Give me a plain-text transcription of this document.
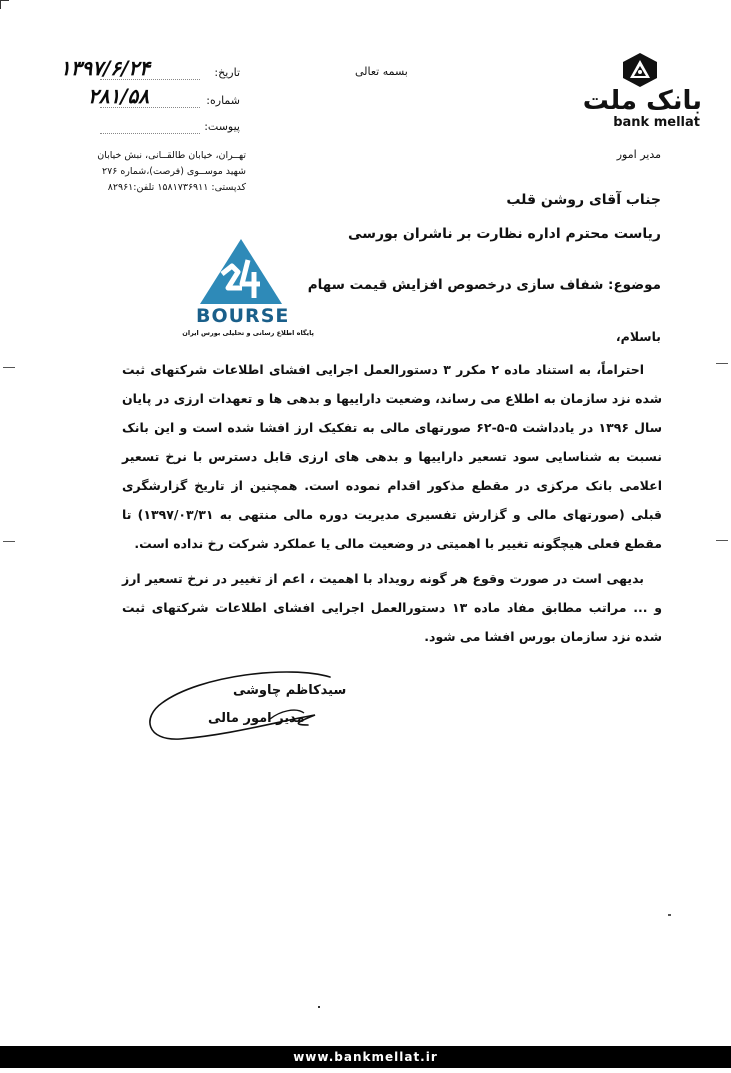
بانک ملت
bank mellat
مدیر امور
بسمه تعالی
تاریخ:
۱۳۹۷/۶/۲۴
شماره:
۲۸۱/۵۸
پیوست:
تهــران، خیابان طالقــانی، نبش خیابان
شهید موســوی (فرصت)،شماره ۲۷۶
کدپستی: ۱۵۸۱۷۳۶۹۱۱ تلفن:۸۲۹۶۱
جناب آقای روشن قلب
ریاست محترم اداره نظارت بر ناشران بورسی
موضوع: شفاف سازی درخصوص افزایش قیمت سهام
BOURSE
پایگاه اطلاع رسانی و تحلیلی بورس ایران	باسلام،

احتراماً، به استناد ماده ۲ مکرر ۳ دستورالعمل اجرایی افشای اطلاعات شرکتهای ثبت شده نزد سازمان به اطلاع می رساند، وضعیت داراییها و بدهی ها و تعهدات ارزی در پایان سال ۱۳۹۶ در یادداشت ۵-۵-۶۲ صورتهای مالی به تفکیک ارز افشا شده است و این بانک نسبت به شناسایی سود تسعیر داراییها و بدهی های ارزی قابل دسترس با نرخ تسعیر اعلامی بانک مرکزی در مقطع مذکور اقدام نموده است. همچنین از تاریخ گزارشگری قبلی (صورتهای مالی و گزارش تفسیری مدیریت دوره مالی منتهی به ۱۳۹۷/۰۳/۳۱) تا مقطع فعلی هیچگونه تغییر با اهمیتی در وضعیت مالی یا عملکرد شرکت رخ نداده است.

بدیهی است در صورت وقوع هر گونه رویداد با اهمیت ، اعم از تغییر در نرخ تسعیر ارز و ... مراتب مطابق مفاد ماده ۱۳ دستورالعمل اجرایی افشای اطلاعات شرکتهای ثبت شده نزد سازمان بورس افشا می شود.

سیدکاظم چاوشی
مدیر امور مالی
www.bankmellat.ir
